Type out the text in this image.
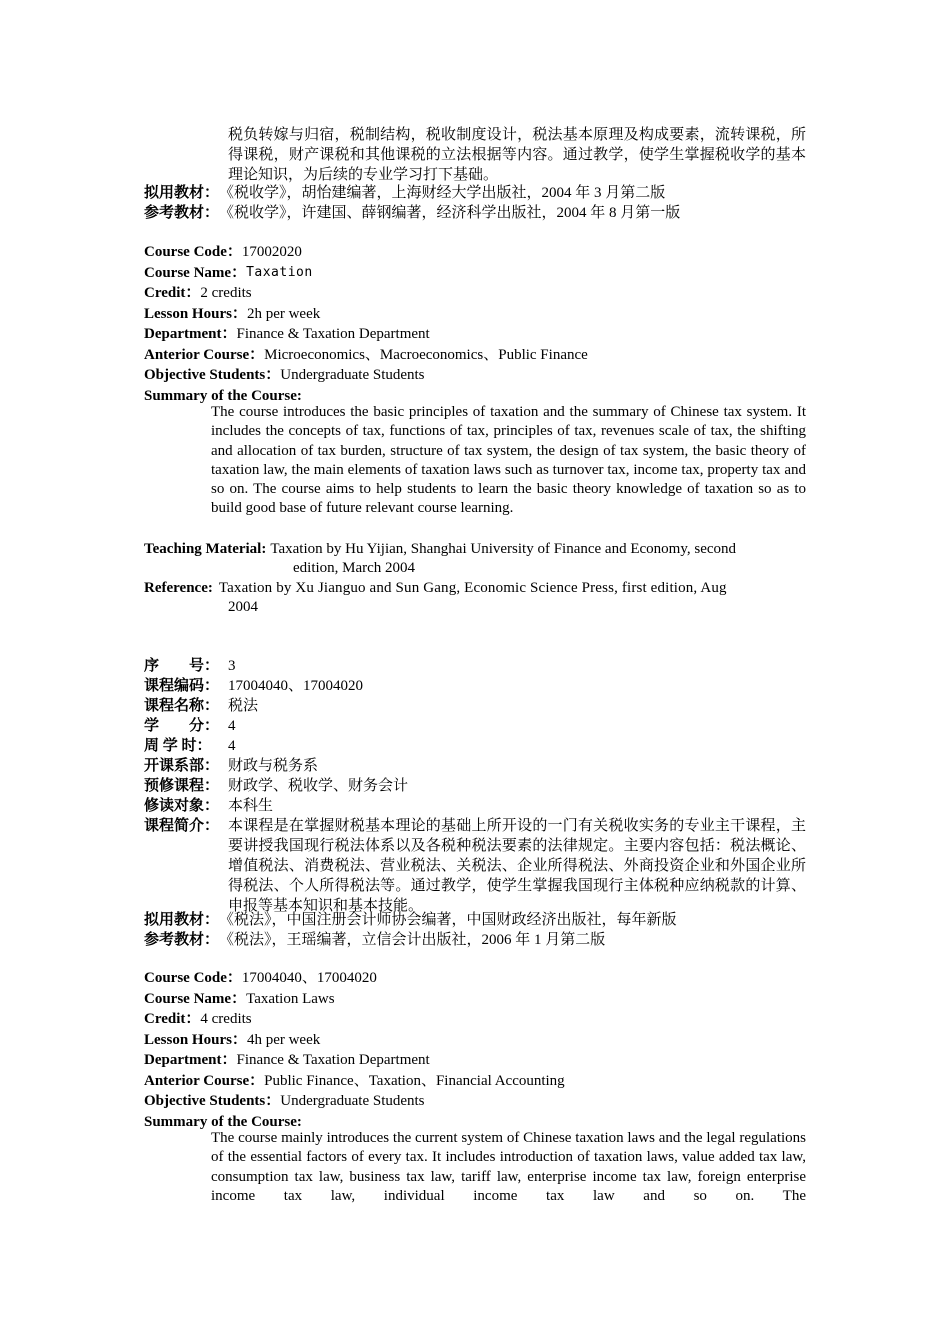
税负转嫁与归宿，税制结构，税收制度设计，税法基本原理及构成要素，流转课税，所得课税，财产课税和其他课税的立法根据等内容。通过教学，使学生掌握税收学的基本理论知识，为后续的专业学习打下基础。
拟用教材： 《税收学》，胡怡建编著，上海财经大学出版社，2004 年 3 月第二版
参考教材： 《税收学》，许建国、薛钢编著，经济科学出版社，2004 年 8 月第一版
Course Code： 17002020
Course Name： Taxation
Credit： 2 credits
Lesson Hours： 2h per week
Department： Finance & Taxation Department
Anterior Course： Microeconomics、Macroeconomics、Public Finance
Objective Students： Undergraduate Students
Summary of the Course:
The course introduces the basic principles of taxation and the summary of Chinese tax system. It includes the concepts of tax, functions of tax, principles of tax, revenues scale of tax, the shifting and allocation of tax burden, structure of tax system, the design of tax system, the basic theory of taxation law, the main elements of taxation laws such as turnover tax, income tax, property tax and so on. The course aims to help students to learn the basic theory knowledge of taxation so as to build good base of future relevant course learning.
Teaching Material: Taxation by Hu Yijian, Shanghai University of Finance and Economy, second
edition, March 2004
Reference: Taxation by Xu Jianguo and Sun Gang, Economic Science Press, first edition, Aug
2004
序　　号： 3
课程编码： 17004040、17004020
课程名称： 税法
学　　分： 4
周 学 时：	4
开课系部： 财政与税务系
预修课程： 财政学、税收学、财务会计
修读对象： 本科生
课程简介： 本课程是在掌握财税基本理论的基础上所开设的一门有关税收实务的专业主干课程，主要讲授我国现行税法体系以及各税种税法要素的法律规定。主要内容包括：税法概论、增值税法、消费税法、营业税法、关税法、企业所得税法、外商投资企业和外国企业所得税法、个人所得税法等。通过教学，使学生掌握我国现行主体税种应纳税款的计算、申报等基本知识和基本技能。
拟用教材： 《税法》，中国注册会计师协会编著，中国财政经济出版社，每年新版
参考教材： 《税法》，王瑶编著，立信会计出版社，2006 年 1 月第二版
Course Code： 17004040、17004020
Course Name： Taxation Laws
Credit： 4 credits
Lesson Hours： 4h per week
Department： Finance & Taxation Department
Anterior Course： Public Finance、Taxation、Financial Accounting
Objective Students： Undergraduate Students
Summary of the Course:
The course mainly introduces the current system of Chinese taxation laws and the legal regulations of the essential factors of every tax. It includes introduction of taxation laws, value added tax law, consumption tax law, business tax law, tariff law, enterprise income tax law, foreign enterprise income tax law, individual income tax law and so on. The
